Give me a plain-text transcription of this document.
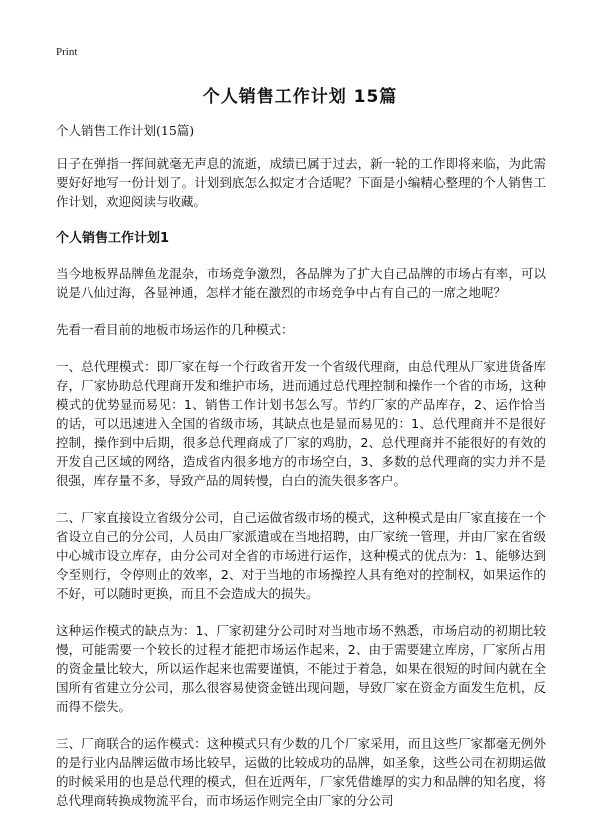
Print
个人销售工作计划 15篇

个人销售工作计划(15篇)

日子在弹指一挥间就毫无声息的流逝，成绩已属于过去，新一轮的工作即将来临，为此需要好好地写一份计划了。计划到底怎么拟定才合适呢？下面是小编精心整理的个人销售工作计划，欢迎阅读与收藏。

个人销售工作计划1

当今地板界品牌鱼龙混杂，市场竞争激烈，各品牌为了扩大自己品牌的市场占有率，可以说是八仙过海，各显神通，怎样才能在激烈的市场竞争中占有自己的一席之地呢？

先看一看目前的地板市场运作的几种模式：

一、总代理模式：即厂家在每一个行政省开发一个省级代理商，由总代理从厂家进货备库存，厂家协助总代理商开发和维护市场，进而通过总代理控制和操作一个省的市场，这种模式的优势显而易见：1、销售工作计划书怎么写。节约厂家的产品库存，2、运作恰当的话，可以迅速进入全国的省级市场，其缺点也是显而易见的：1、总代理商并不是很好控制，操作到中后期，很多总代理商成了厂家的鸡肋，2、总代理商并不能很好的有效的开发自己区域的网络，造成省内很多地方的市场空白，3、多数的总代理商的实力并不是很强，库存量不多，导致产品的周转慢，白白的流失很多客户。

二、厂家直接设立省级分公司，自己运做省级市场的模式，这种模式是由厂家直接在一个省设立自己的分公司，人员由厂家派遣或在当地招聘，由厂家统一管理，并由厂家在省级中心城市设立库存，由分公司对全省的市场进行运作，这种模式的优点为：1、能够达到令至则行，令停则止的效率，2、对于当地的市场操控人具有绝对的控制权，如果运作的不好，可以随时更换，而且不会造成大的损失。

这种运作模式的缺点为：1、厂家初建分公司时对当地市场不熟悉，市场启动的初期比较慢，可能需要一个较长的过程才能把市场运作起来，2、由于需要建立库房，厂家所占用的资金量比较大，所以运作起来也需要谨慎，不能过于着急，如果在很短的时间内就在全国所有省建立分公司，那么很容易使资金链出现问题，导致厂家在资金方面发生危机，反而得不偿失。

三、厂商联合的运作模式：这种模式只有少数的几个厂家采用，而且这些厂家都毫无例外的是行业内品牌运做市场比较早，运做的比较成功的品牌，如圣象，这些公司在初期运做的时候采用的也是总代理的模式，但在近两年，厂家凭借雄厚的实力和品牌的知名度，将总代理商转换成物流平台，而市场运作则完全由厂家的分公司
